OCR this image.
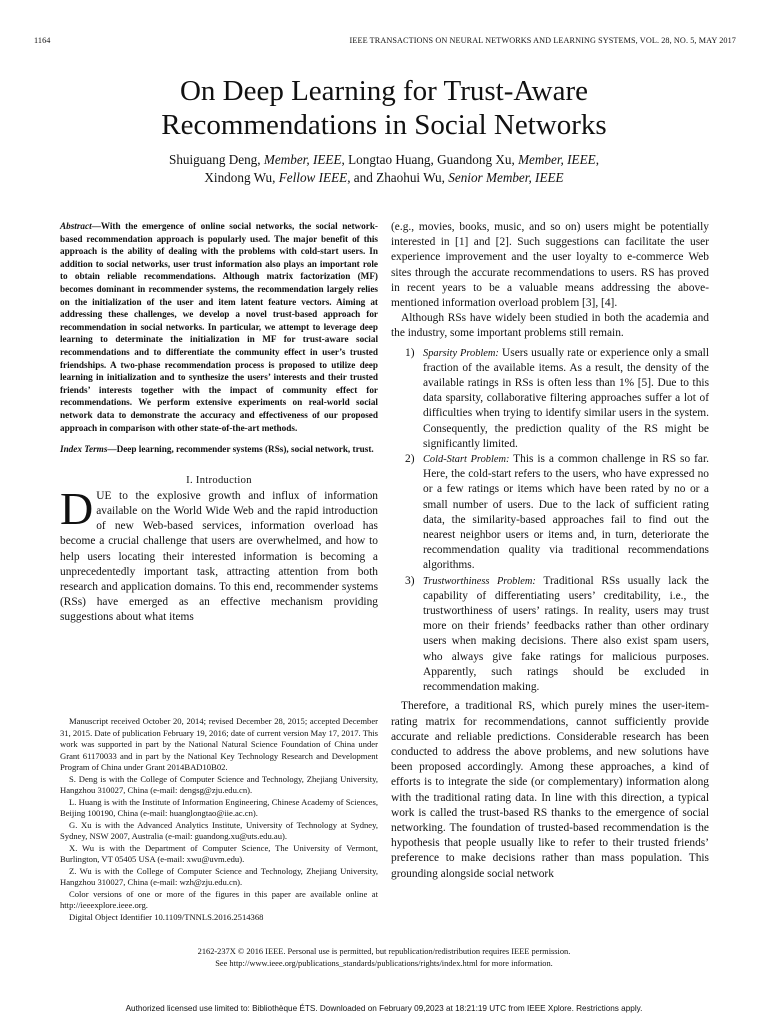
1164	IEEE TRANSACTIONS ON NEURAL NETWORKS AND LEARNING SYSTEMS, VOL. 28, NO. 5, MAY 2017
On Deep Learning for Trust-Aware
Recommendations in Social Networks
Shuiguang Deng, Member, IEEE, Longtao Huang, Guandong Xu, Member, IEEE,
Xindong Wu, Fellow IEEE, and Zhaohui Wu, Senior Member, IEEE

Abstract—With the emergence of online social networks, the social network-based recommendation approach is popularly used. The major benefit of this approach is the ability of dealing with the problems with cold-start users. In addition to social networks, user trust information also plays an important role to obtain reliable recommendations. Although matrix factorization (MF) becomes dominant in recommender systems, the recommendation largely relies on the initialization of the user and item latent feature vectors. Aiming at addressing these challenges, we develop a novel trust-based approach for recommendation in social networks. In particular, we attempt to leverage deep learning to determinate the initialization in MF for trust-aware social recommendations and to differentiate the community effect in user’s trusted friendships. A two-phase recommendation process is proposed to utilize deep learning in initialization and to synthesize the users’ interests and their trusted friends’ interests together with the impact of community effect for recommendations. We perform extensive experiments on real-world social network data to demonstrate the accuracy and effectiveness of our proposed approach in comparison with other state-of-the-art methods.

Index Terms—Deep learning, recommender systems (RSs), social network, trust.

I. Introduction

DUE to the explosive growth and influx of information available on the World Wide Web and the rapid introduction of new Web-based services, information overload has become a crucial challenge that users are overwhelmed, and how to help users locating their interested information is becoming a unprecedentedly important task, attracting attention from both research and application domains. To this end, recommender systems (RSs) have emerged as an effective mechanism providing suggestions about what items

Manuscript received October 20, 2014; revised December 28, 2015; accepted December 31, 2015. Date of publication February 19, 2016; date of current version May 17, 2017. This work was supported in part by the National Natural Science Foundation of China under Grant 61170033 and in part by the National Key Technology Research and Development Program of China under Grant 2014BAD10B02.

S. Deng is with the College of Computer Science and Technology, Zhejiang University, Hangzhou 310027, China (e-mail: dengsg@zju.edu.cn).

L. Huang is with the Institute of Information Engineering, Chinese Academy of Sciences, Beijing 100190, China (e-mail: huanglongtao@iie.ac.cn).

G. Xu is with the Advanced Analytics Institute, University of Technology at Sydney, Sydney, NSW 2007, Australia (e-mail: guandong.xu@uts.edu.au).

X. Wu is with the Department of Computer Science, The University of Vermont, Burlington, VT 05405 USA (e-mail: xwu@uvm.edu).

Z. Wu is with the College of Computer Science and Technology, Zhejiang University, Hangzhou 310027, China (e-mail: wzh@zju.edu.cn).

Color versions of one or more of the figures in this paper are available online at http://ieeexplore.ieee.org.

Digital Object Identifier 10.1109/TNNLS.2016.2514368

(e.g., movies, books, music, and so on) users might be potentially interested in [1] and [2]. Such suggestions can facilitate the user experience improvement and the user loyalty to e-commerce Web sites through the accurate recommendations to users. RS has proved in recent years to be a valuable means addressing the above-mentioned information overload problem [3], [4].

Although RSs have widely been studied in both the academia and the industry, some important problems still remain.

1) Sparsity Problem: Users usually rate or experience only a small fraction of the available items. As a result, the density of the available ratings in RSs is often less than 1% [5]. Due to this data sparsity, collaborative filtering approaches suffer a lot of difficulties when trying to identify similar users in the system. Consequently, the prediction quality of the RS might be significantly limited.
2) Cold-Start Problem: This is a common challenge in RS so far. Here, the cold-start refers to the users, who have expressed no or a few ratings or items which have been rated by no or a small number of users. Due to the lack of sufficient rating data, the similarity-based approaches fail to find out the nearest neighbor users or items and, in turn, deteriorate the recommendation quality via traditional recommendations algorithms.
3) Trustworthiness Problem: Traditional RSs usually lack the capability of differentiating users’ creditability, i.e., the trustworthiness of users’ ratings. In reality, users may trust more on their friends’ feedbacks rather than other ordinary users when making decisions. There also exist spam users, who always give fake ratings for malicious purposes. Apparently, such ratings should be excluded in recommendation making.

Therefore, a traditional RS, which purely mines the user-item-rating matrix for recommendations, cannot sufficiently provide accurate and reliable predictions. Considerable research has been conducted to address the above problems, and new solutions have been proposed accordingly. Among these approaches, a kind of efforts is to integrate the side (or complementary) information along with the traditional rating data. In line with this direction, a typical work is called the trust-based RS thanks to the emergence of social networking. The foundation of trusted-based recommendation is the hypothesis that people usually like to refer to their trusted friends’ preference to make decisions rather than mass population. This grounding alongside social network

2162-237X © 2016 IEEE. Personal use is permitted, but republication/redistribution requires IEEE permission.
See http://www.ieee.org/publications_standards/publications/rights/index.html for more information.
Authorized licensed use limited to: Bibliothèque ÉTS. Downloaded on February 09,2023 at 18:21:19 UTC from IEEE Xplore. Restrictions apply.
